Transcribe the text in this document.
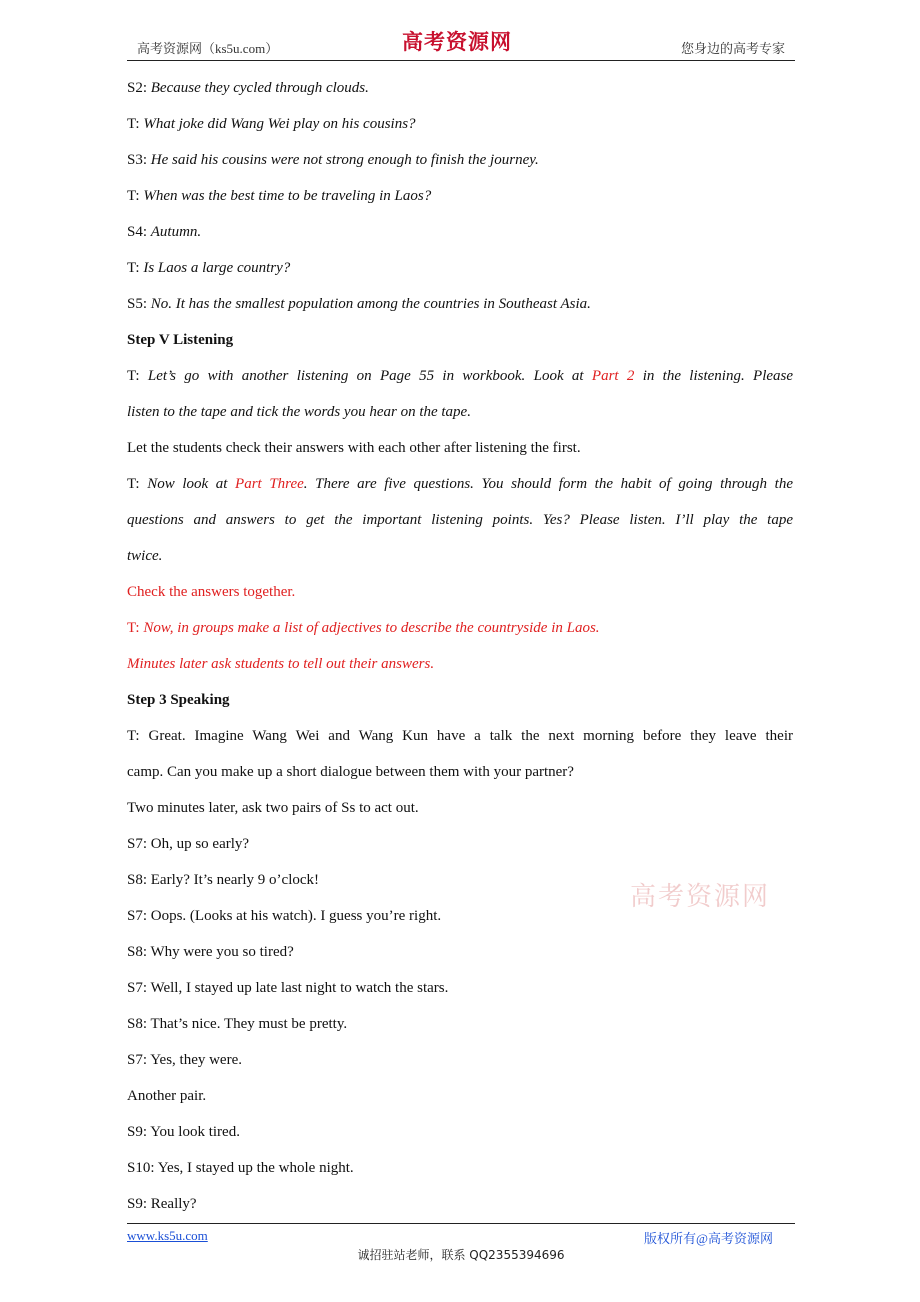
高考资源网（ks5u.com）	高考资源网	您身边的高考专家
S2: Because they cycled through clouds.
T: What joke did Wang Wei play on his cousins?
S3: He said his cousins were not strong enough to finish the journey.
T: When was the best time to be traveling in Laos?
S4: Autumn.
T: Is Laos a large country?
S5: No. It has the smallest population among the countries in Southeast Asia.
Step V Listening
T: Let’s go with another listening on Page 55 in workbook. Look at Part 2 in the listening. Please
listen to the tape and tick the words you hear on the tape.
Let the students check their answers with each other after listening the first.
T: Now look at Part Three. There are five questions. You should form the habit of going through the
questions and answers to get the important listening points. Yes? Please listen. I’ll play the tape
twice.
Check the answers together.
T: Now, in groups make a list of adjectives to describe the countryside in Laos.
Minutes later ask students to tell out their answers.
Step 3 Speaking
T: Great. Imagine Wang Wei and Wang Kun have a talk the next morning before they leave their
camp. Can you make up a short dialogue between them with your partner?
Two minutes later, ask two pairs of Ss to act out.
S7: Oh, up so early?
S8: Early? It’s nearly 9 o’clock!
S7: Oops. (Looks at his watch). I guess you’re right.
S8: Why were you so tired?
S7: Well, I stayed up late last night to watch the stars.
S8: That’s nice. They must be pretty.
S7: Yes, they were.
Another pair.
S9: You look tired.
S10: Yes, I stayed up the whole night.
S9: Really?
高考资源网
www.ks5u.com	版权所有@高考资源网
诚招驻站老师，联系 QQ2355394696
